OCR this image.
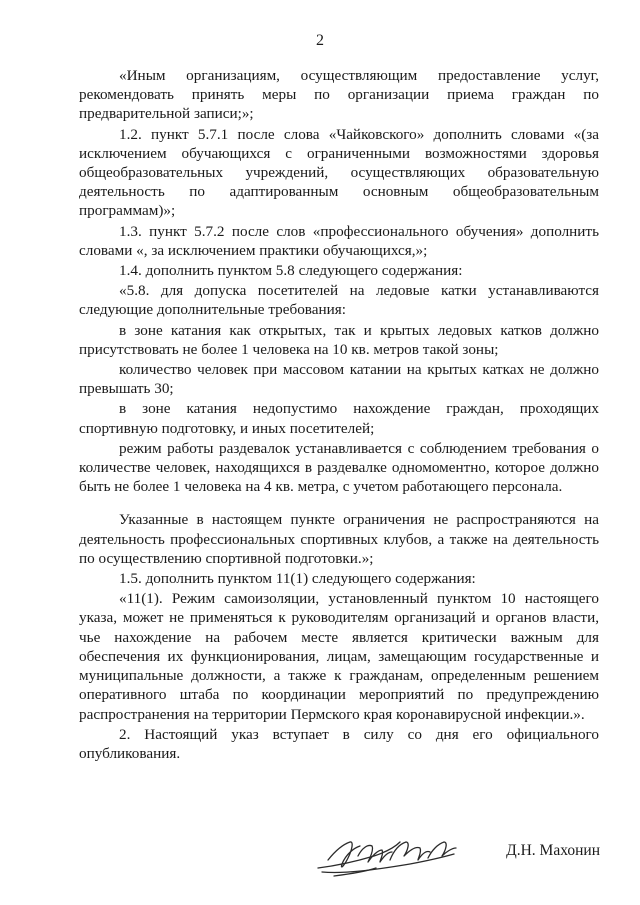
2

«Иным организациям, осуществляющим предоставление услуг, рекомендовать принять меры по организации приема граждан по предварительной записи;»;

1.2. пункт 5.7.1 после слова «Чайковского» дополнить словами «(за исключением обучающихся с ограниченными возможностями здоровья общеобразовательных учреждений, осуществляющих образовательную деятельность по адаптированным основным общеобразовательным программам)»;

1.3. пункт 5.7.2 после слов «профессионального обучения» дополнить словами «, за исключением практики обучающихся,»;

1.4. дополнить пунктом 5.8 следующего содержания:

«5.8. для допуска посетителей на ледовые катки устанавливаются следующие дополнительные требования:

в зоне катания как открытых, так и крытых ледовых катков должно присутствовать не более 1 человека на 10 кв. метров такой зоны;

количество человек при массовом катании на крытых катках не должно превышать 30;

в зоне катания недопустимо нахождение граждан, проходящих спортивную подготовку, и иных посетителей;

режим работы раздевалок устанавливается с соблюдением требования о количестве человек, находящихся в раздевалке одномоментно, которое должно быть не более 1 человека на 4 кв. метра, с учетом работающего персонала.

Указанные в настоящем пункте ограничения не распространяются на деятельность профессиональных спортивных клубов, а также на деятельность по осуществлению спортивной подготовки.»;

1.5. дополнить пунктом 11(1) следующего содержания:

«11(1). Режим самоизоляции, установленный пунктом 10 настоящего указа, может не применяться к руководителям организаций и органов власти, чье нахождение на рабочем месте является критически важным для обеспечения их функционирования, лицам, замещающим государственные и муниципальные должности, а также к гражданам, определенным решением оперативного штаба по координации мероприятий по предупреждению распространения на территории Пермского края коронавирусной инфекции.».

2. Настоящий указ вступает в силу со дня его официального опубликования.

Д.Н. Махонин
